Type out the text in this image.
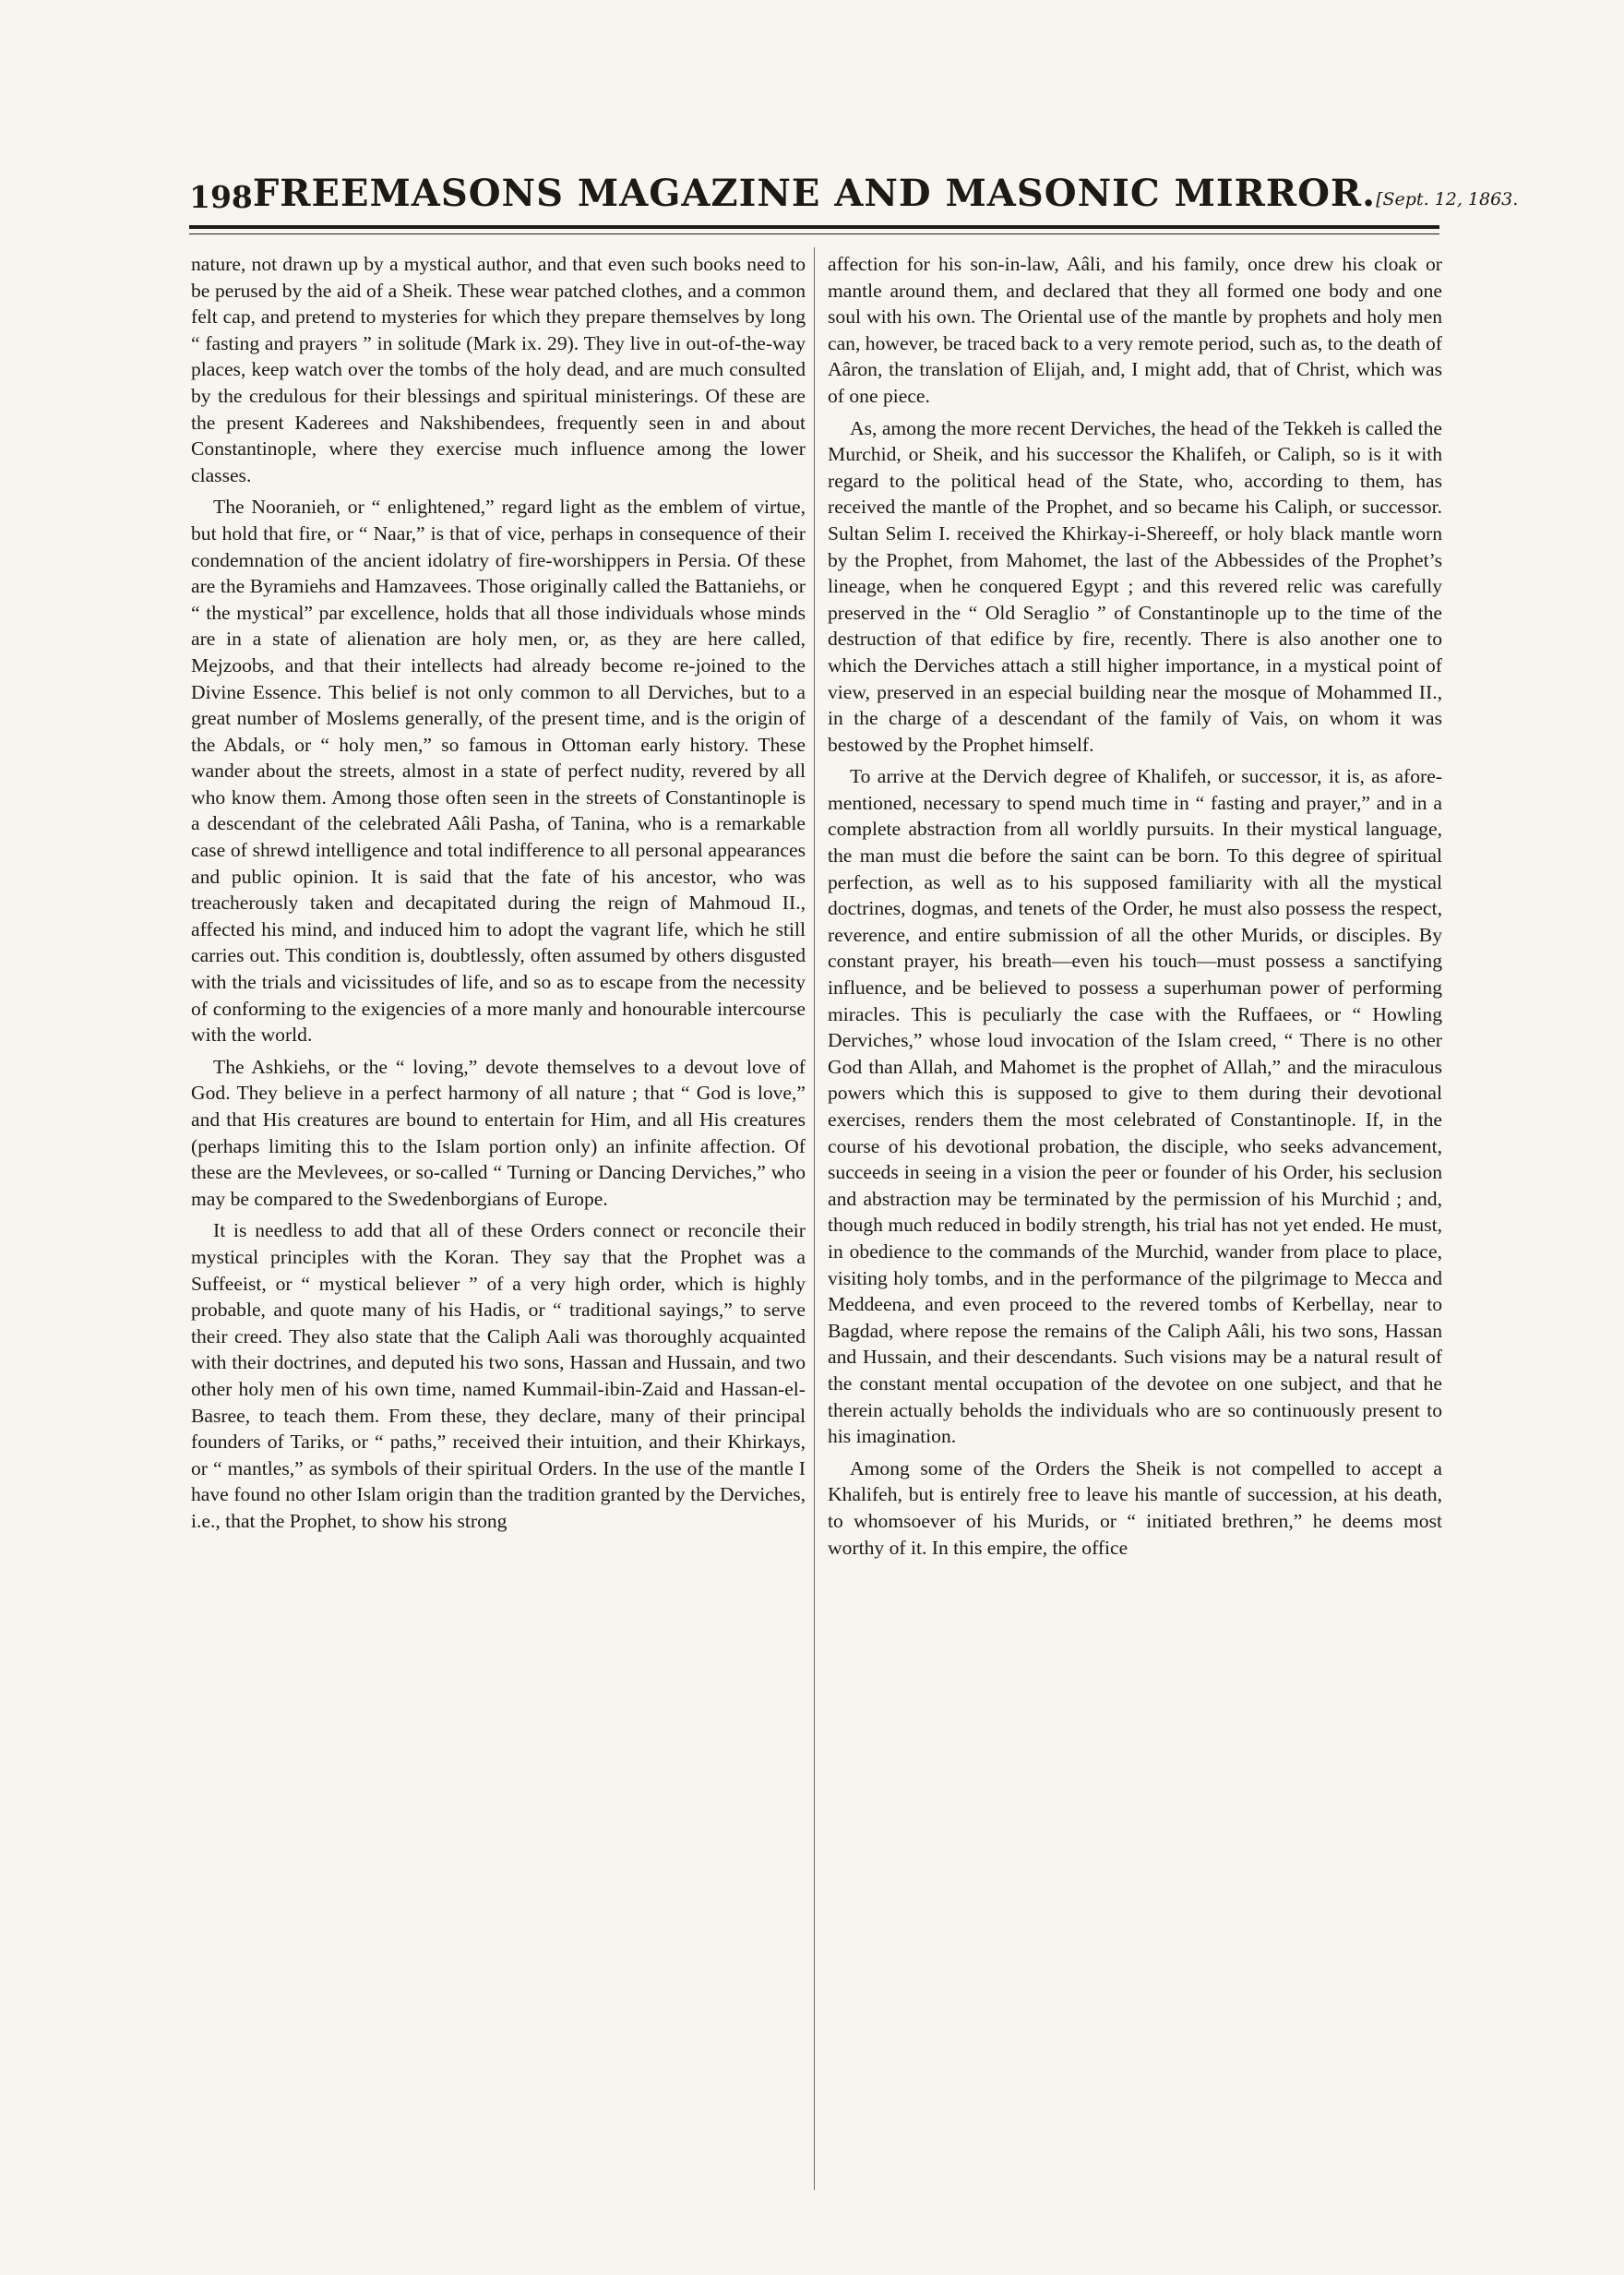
198 FREEMASONS MAGAZINE AND MASONIC MIRROR. [Sept. 12, 1863.

nature, not drawn up by a mystical author, and that even such books need to be perused by the aid of a Sheik. These wear patched clothes, and a common felt cap, and pretend to mysteries for which they prepare themselves by long “ fasting and prayers ” in solitude (Mark ix. 29). They live in out-of-the-way places, keep watch over the tombs of the holy dead, and are much consulted by the credulous for their blessings and spiritual ministerings. Of these are the present Kaderees and Nakshibendees, frequently seen in and about Constantinople, where they exercise much influence among the lower classes.

The Nooranieh, or “ enlightened,” regard light as the emblem of virtue, but hold that fire, or “ Naar,” is that of vice, perhaps in consequence of their condemnation of the ancient idolatry of fire-worshippers in Persia. Of these are the Byramiehs and Hamzavees. Those originally called the Battaniehs, or “ the mystical” par excellence, holds that all those individuals whose minds are in a state of alienation are holy men, or, as they are here called, Mejzoobs, and that their intellects had already become re-joined to the Divine Essence. This belief is not only common to all Derviches, but to a great number of Moslems generally, of the present time, and is the origin of the Abdals, or “ holy men,” so famous in Ottoman early history. These wander about the streets, almost in a state of perfect nudity, revered by all who know them. Among those often seen in the streets of Constantinople is a descendant of the celebrated Aâli Pasha, of Tanina, who is a remarkable case of shrewd intelligence and total indifference to all personal appearances and public opinion. It is said that the fate of his ancestor, who was treacherously taken and decapitated during the reign of Mahmoud II., affected his mind, and induced him to adopt the vagrant life, which he still carries out. This condition is, doubtlessly, often assumed by others disgusted with the trials and vicissitudes of life, and so as to escape from the necessity of conforming to the exigencies of a more manly and honourable intercourse with the world.

The Ashkiehs, or the “ loving,” devote themselves to a devout love of God. They believe in a perfect harmony of all nature ; that “ God is love,” and that His creatures are bound to entertain for Him, and all His creatures (perhaps limiting this to the Islam portion only) an infinite affection. Of these are the Mevlevees, or so-called “ Turning or Dancing Derviches,” who may be compared to the Swedenborgians of Europe.

It is needless to add that all of these Orders connect or reconcile their mystical principles with the Koran. They say that the Prophet was a Suffeeist, or “ mystical believer ” of a very high order, which is highly probable, and quote many of his Hadis, or “ traditional sayings,” to serve their creed. They also state that the Caliph Aali was thoroughly acquainted with their doctrines, and deputed his two sons, Hassan and Hussain, and two other holy men of his own time, named Kummail-ibin-Zaid and Hassan-el-Basree, to teach them. From these, they declare, many of their principal founders of Tariks, or “ paths,” received their intuition, and their Khirkays, or “ mantles,” as symbols of their spiritual Orders. In the use of the mantle I have found no other Islam origin than the tradition granted by the Derviches, i.e., that the Prophet, to show his strong

affection for his son-in-law, Aâli, and his family, once drew his cloak or mantle around them, and declared that they all formed one body and one soul with his own. The Oriental use of the mantle by prophets and holy men can, however, be traced back to a very remote period, such as, to the death of Aâron, the translation of Elijah, and, I might add, that of Christ, which was of one piece.

As, among the more recent Derviches, the head of the Tekkeh is called the Murchid, or Sheik, and his successor the Khalifeh, or Caliph, so is it with regard to the political head of the State, who, according to them, has received the mantle of the Prophet, and so became his Caliph, or successor. Sultan Selim I. received the Khirkay-i-Shereeff, or holy black mantle worn by the Prophet, from Mahomet, the last of the Abbessides of the Prophet’s lineage, when he conquered Egypt ; and this revered relic was carefully preserved in the “ Old Seraglio ” of Constantinople up to the time of the destruction of that edifice by fire, recently. There is also another one to which the Derviches attach a still higher importance, in a mystical point of view, preserved in an especial building near the mosque of Mohammed II., in the charge of a descendant of the family of Vais, on whom it was bestowed by the Prophet himself.

To arrive at the Dervich degree of Khalifeh, or successor, it is, as afore-mentioned, necessary to spend much time in “ fasting and prayer,” and in a complete abstraction from all worldly pursuits. In their mystical language, the man must die before the saint can be born. To this degree of spiritual perfection, as well as to his supposed familiarity with all the mystical doctrines, dogmas, and tenets of the Order, he must also possess the respect, reverence, and entire submission of all the other Murids, or disciples. By constant prayer, his breath—even his touch—must possess a sanctifying influence, and be believed to possess a superhuman power of performing miracles. This is peculiarly the case with the Ruffaees, or “ Howling Derviches,” whose loud invocation of the Islam creed, “ There is no other God than Allah, and Mahomet is the prophet of Allah,” and the miraculous powers which this is supposed to give to them during their devotional exercises, renders them the most celebrated of Constantinople. If, in the course of his devotional probation, the disciple, who seeks advancement, succeeds in seeing in a vision the peer or founder of his Order, his seclusion and abstraction may be terminated by the permission of his Murchid ; and, though much reduced in bodily strength, his trial has not yet ended. He must, in obedience to the commands of the Murchid, wander from place to place, visiting holy tombs, and in the performance of the pilgrimage to Mecca and Meddeena, and even proceed to the revered tombs of Kerbellay, near to Bagdad, where repose the remains of the Caliph Aâli, his two sons, Hassan and Hussain, and their descendants. Such visions may be a natural result of the constant mental occupation of the devotee on one subject, and that he therein actually beholds the individuals who are so continuously present to his imagination.

Among some of the Orders the Sheik is not compelled to accept a Khalifeh, but is entirely free to leave his mantle of succession, at his death, to whomsoever of his Murids, or “ initiated brethren,” he deems most worthy of it. In this empire, the office
